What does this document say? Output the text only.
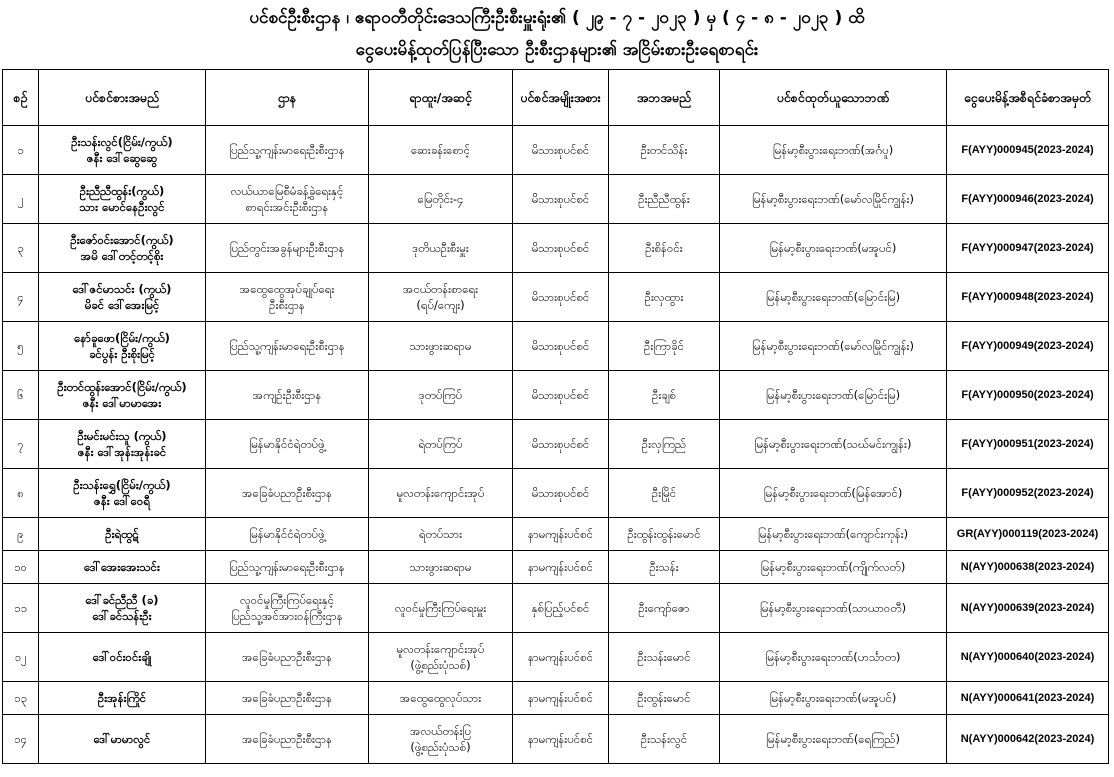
ပင်စင်ဦးစီးဌာန ၊ ဧရာဝတီတိုင်းဒေသကြီးဦးစီးမှူးရုံး၏ ( ၂၉ - ၇ - ၂၀၂၃ ) မှ ( ၄ - ၈ - ၂၀၂၃ ) ထိ
ငွေပေးမိန့်ထုတ်ပြန်ပြီးသော ဦးစီးဌာနများ၏ အငြိမ်းစားဦးရေစာရင်း
စဉ်	ပင်စင်စားအမည်	ဌာန	ရာထူး/အဆင့်	ပင်စင်အမျိုးအစား	အဘအမည်	ပင်စင်ထုတ်ယူသောဘဏ်	ငွေပေးမိန့်အစီရင်ခံစာအမှတ်
၁	ဦးသန်းလွင်(ငြိမ်း/ကွယ်)
ဇနီး ဒေါ်ဆွေဆွေ	ပြည်သူ့ကျန်းမာရေးဦးစီးဌာန	ဆေးခန်းစောင့်	မိသားစုပင်စင်	ဦးတင်သိန်း	မြန်မာ့စီးပွားရေးဘဏ်(အင်္ဂပူ)	F(AYY)000945(2023-2024)
၂	ဦးညီညီထွန်း(ကွယ်)
သား မောင်နေဦးလွင်	လယ်ယာမြေစီမံခန့်ခွဲရေးနှင့်
စာရင်းအင်းဦးစီးဌာန	မြေတိုင်း-၄	မိသားစုပင်စင်	ဦးညီညီထွန်း	မြန်မာ့စီးပွားရေးဘဏ်(မော်လမြိုင်ကျွန်း)	F(AYY)000946(2023-2024)
၃	ဦးဇော်ဝင်းအောင်(ကွယ်)
အမိ ဒေါ်တင့်တင့်စိုး	ပြည်တွင်းအခွန်များဦးစီးဌာန	ဒုတိယဦးစီးမှူး	မိသားစုပင်စင်	ဦးစိန်ဝင်း	မြန်မာ့စီးပွားရေးဘဏ်(မအူပင်)	F(AYY)000947(2023-2024)
၄	ဒေါ်ဇင်မာသင်း (ကွယ်)
မိခင် ဒေါ်အေးမြင့်	အထွေထွေအုပ်ချုပ်ရေး
ဦးစီးဌာန	အငယ်တန်းစာရေး
(ရပ်/ကျေး)	မိသားစုပင်စင်	ဦးလှထွား	မြန်မာ့စီးပွားရေးဘဏ်(မြောင်းမြ)	F(AYY)000948(2023-2024)
၅	နော်ခူဖော(ငြိမ်း/ကွယ်)
ခင်ပွန်း ဦးစိုးမြင့်	ပြည်သူ့ကျန်းမာရေးဦးစီးဌာန	သားဖွားဆရာမ	မိသားစုပင်စင်	ဦးကြာခိုင်	မြန်မာ့စီးပွားရေးဘဏ်(မော်လမြိုင်ကျွန်း)	F(AYY)000949(2023-2024)
၆	ဦးတင်ထွန်းအောင်(ငြိမ်း/ကွယ်)
ဇနီး ဒေါ်မာမာအေး	အကျဉ်းဦးစီးဌာန	ဒုတပ်ကြပ်	မိသားစုပင်စင်	ဦးချစ်	မြန်မာ့စီးပွားရေးဘဏ်(မြောင်းမြ)	F(AYY)000950(2023-2024)
၇	ဦးမင်းမင်းသူ (ကွယ်)
ဇနီး ဒေါ်အုန်းအုန်းခင်	မြန်မာနိုင်ငံရဲတပ်ဖွဲ့	ရဲတပ်ကြပ်	မိသားစုပင်စင်	ဦးလှကြည်	မြန်မာ့စီးပွားရေးဘဏ်(သဃ်မင်းကျွန်း)	F(AYY)000951(2023-2024)
၈	ဦးသန်းရွှေ(ငြိမ်း/ကွယ်)
ဇနီး ဒေါ်ဝေရီ	အခြေခံပညာဦးစီးဌာန	မူလတန်းကျောင်းအုပ်	မိသားစုပင်စင်	ဦးမြိုင်	မြန်မာ့စီးပွားရေးဘဏ်(မြန်အောင်)	F(AYY)000952(2023-2024)
၉	ဦးရဲထွဋ်	မြန်မာနိုင်ငံရဲတပ်ဖွဲ့	ရဲတပ်သား	နာမကျန်းပင်စင်	ဦးထွန်းထွန်းမောင်	မြန်မာ့စီးပွားရေးဘဏ်(ကျောင်းကုန်း)	GR(AYY)000119(2023-2024)
၁၀	ဒေါ်အေးအေးသင်း	ပြည်သူ့ကျန်းမာရေးဦးစီးဌာန	သားဖွားဆရာမ	နာမကျန်းပင်စင်	ဦးသန်း	မြန်မာ့စီးပွားရေးဘဏ်(ကျိုက်လတ်)	N(AYY)000638(2023-2024)
၁၁	ဒေါ်ခင်ညီညီ (ခ)
ဒေါ်ခင်သန်းဦး	လူဝင်မှုကြီးကြပ်ရေးနှင့်
ပြည်သူ့အင်အားဝန်ကြီးဌာန	လူဝင်မှုကြီးကြပ်ရေးမှူး	နှစ်ပြည့်ပင်စင်	ဦးကျော်ဇော	မြန်မာ့စီးပွားရေးဘဏ်(သာယာဝတီ)	N(AYY)000639(2023-2024)
၁၂	ဒေါ်ဝင်းဝင်းချို	အခြေခံပညာဦးစီးဌာန	မူလတန်းကျောင်းအုပ်
(ဖွဲ့စည်းပုံသစ်)	နာမကျန်းပင်စင်	ဦးသန်းမောင်	မြန်မာ့စီးပွားရေးဘဏ်(ဟင်္သာတ)	N(AYY)000640(2023-2024)
၁၃	ဦးအုန်းကြိုင်	အခြေခံပညာဦးစီးဌာန	အထွေထွေလုပ်သား	နာမကျန်းပင်စင်	ဦးထွန်းမောင်	မြန်မာ့စီးပွားရေးဘဏ်(မအူပင်)	N(AYY)000641(2023-2024)
၁၄	ဒေါ်မာမာလွင်	အခြေခံပညာဦးစီးဌာန	အလယ်တန်းပြ
(ဖွဲ့စည်းပုံသစ်)	နာမကျန်းပင်စင်	ဦးသန်းလွင်	မြန်မာ့စီးပွားရေးဘဏ်(ရေကြည်)	N(AYY)000642(2023-2024)
